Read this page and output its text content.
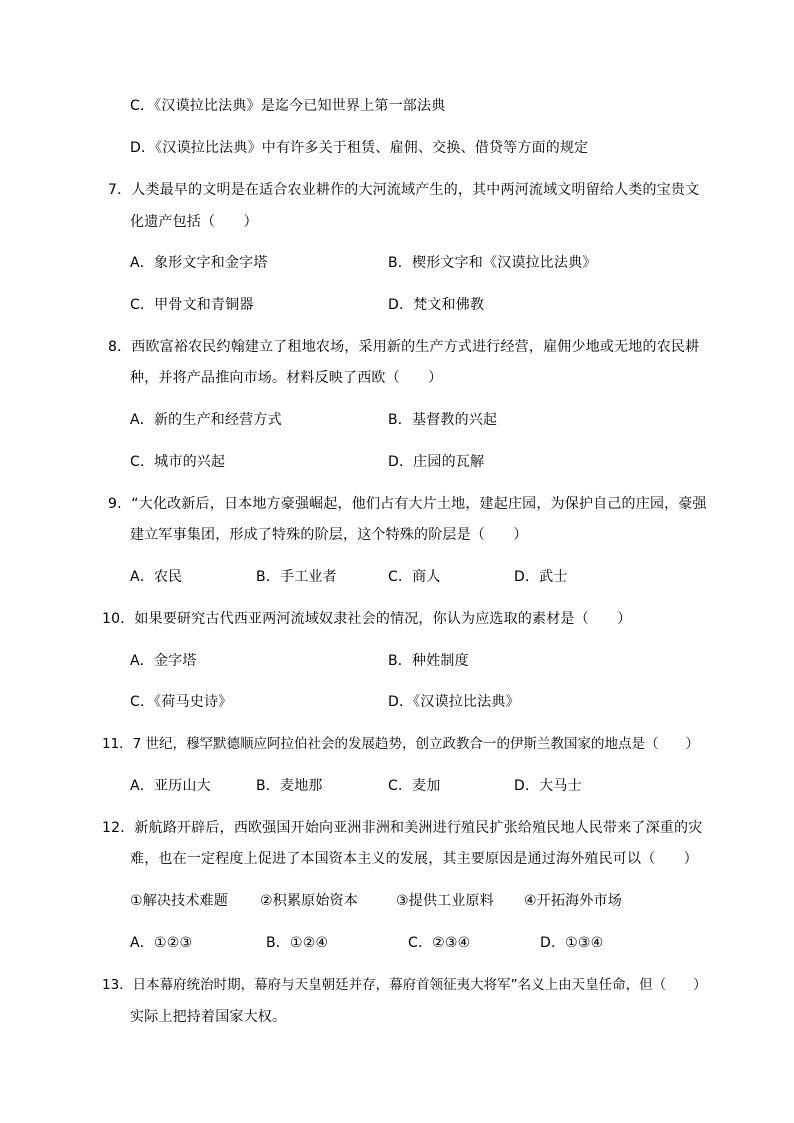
C．《汉谟拉比法典》是迄今已知世界上第一部法典
D．《汉谟拉比法典》中有许多关于租赁、雇佣、交换、借贷等方面的规定
7．人类最早的文明是在适合农业耕作的大河流域产生的，其中两河流域文明留给人类的宝贵文
化遗产包括（　　）
A．象形文字和金字塔	B．楔形文字和《汉谟拉比法典》
C．甲骨文和青铜器	D．梵文和佛教
8．西欧富裕农民约翰建立了租地农场，采用新的生产方式进行经营，雇佣少地或无地的农民耕
种，并将产品推向市场。材料反映了西欧（　　）
A．新的生产和经营方式	B．基督教的兴起
C．城市的兴起	D．庄园的瓦解
9．“大化改新后，日本地方豪强崛起，他们占有大片土地，建起庄园，为保护自己的庄园，豪强
建立军事集团，形成了特殊的阶层，这个特殊的阶层是（　　）
A．农民	B．手工业者	C．商人	D．武士
10．如果要研究古代西亚两河流域奴隶社会的情况，你认为应选取的素材是（　　）
A．金字塔	B．种姓制度
C．《荷马史诗》	D．《汉谟拉比法典》
11．7 世纪，穆罕默德顺应阿拉伯社会的发展趋势，创立政教合一的伊斯兰教国家的地点是（　　）
A．亚历山大	B．麦地那	C．麦加	D．大马士
12．新航路开辟后，西欧强国开始向亚洲非洲和美洲进行殖民扩张给殖民地人民带来了深重的灾
难，也在一定程度上促进了本国资本主义的发展，其主要原因是通过海外殖民可以（　　）
①解决技术难题 ②积累原始资本	③提供工业原料 ④开拓海外市场
A．①②③	B．①②④	C．②③④	D．①③④
13．日本幕府统治时期，幕府与天皇朝廷并存，幕府首领征夷大将军”名义上由天皇任命，但（　　）
实际上把持着国家大权。
